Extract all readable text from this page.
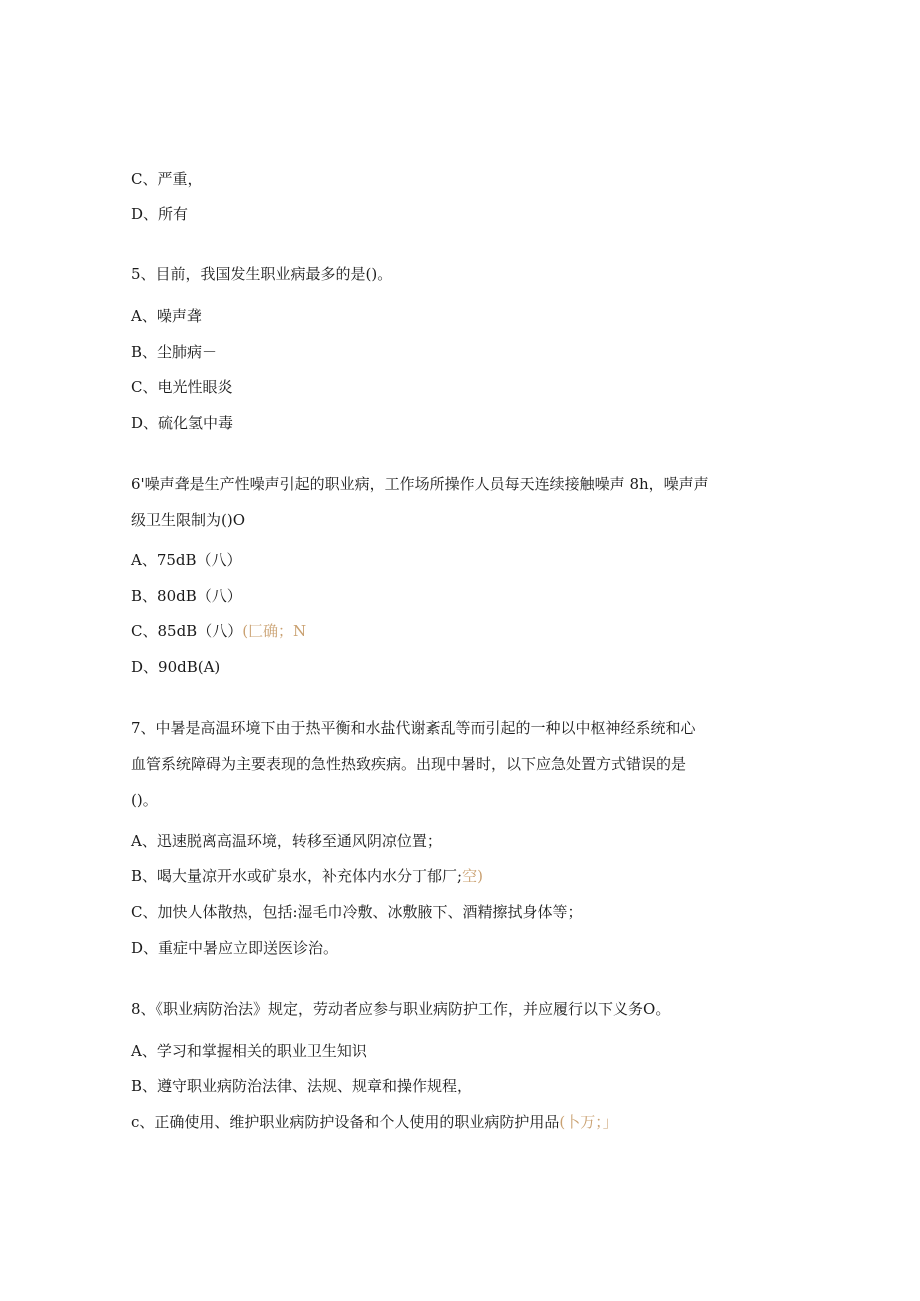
C、严重，
D、所有
5、目前，我国发生职业病最多的是()。
A、噪声聋
B、尘肺病－
C、电光性眼炎
D、硫化氢中毒
6'噪声聋是生产性噪声引起的职业病，工作场所操作人员每天连续接触噪声 8h，噪声声
级卫生限制为()O
A、75dB（八）
B、80dB（八）
C、85dB（八）(匚确；N
D、90dB(A)
7、中暑是高温环境下由于热平衡和水盐代谢紊乱等而引起的一种以中枢神经系统和心
血管系统障碍为主要表现的急性热致疾病。出现中暑时，以下应急处置方式错误的是
()。
A、迅速脱离高温环境，转移至通风阴凉位置；
B、喝大量凉开水或矿泉水，补充体内水分丁郁厂;空)
C、加快人体散热，包括:湿毛巾冷敷、冰敷腋下、酒精擦拭身体等；
D、重症中暑应立即送医诊治。
8、《职业病防治法》规定，劳动者应参与职业病防护工作，并应履行以下义务O。
A、学习和掌握相关的职业卫生知识
B、遵守职业病防治法律、法规、规章和操作规程，
c、正确使用、维护职业病防护设备和个人使用的职业病防护用品(卜万；」
